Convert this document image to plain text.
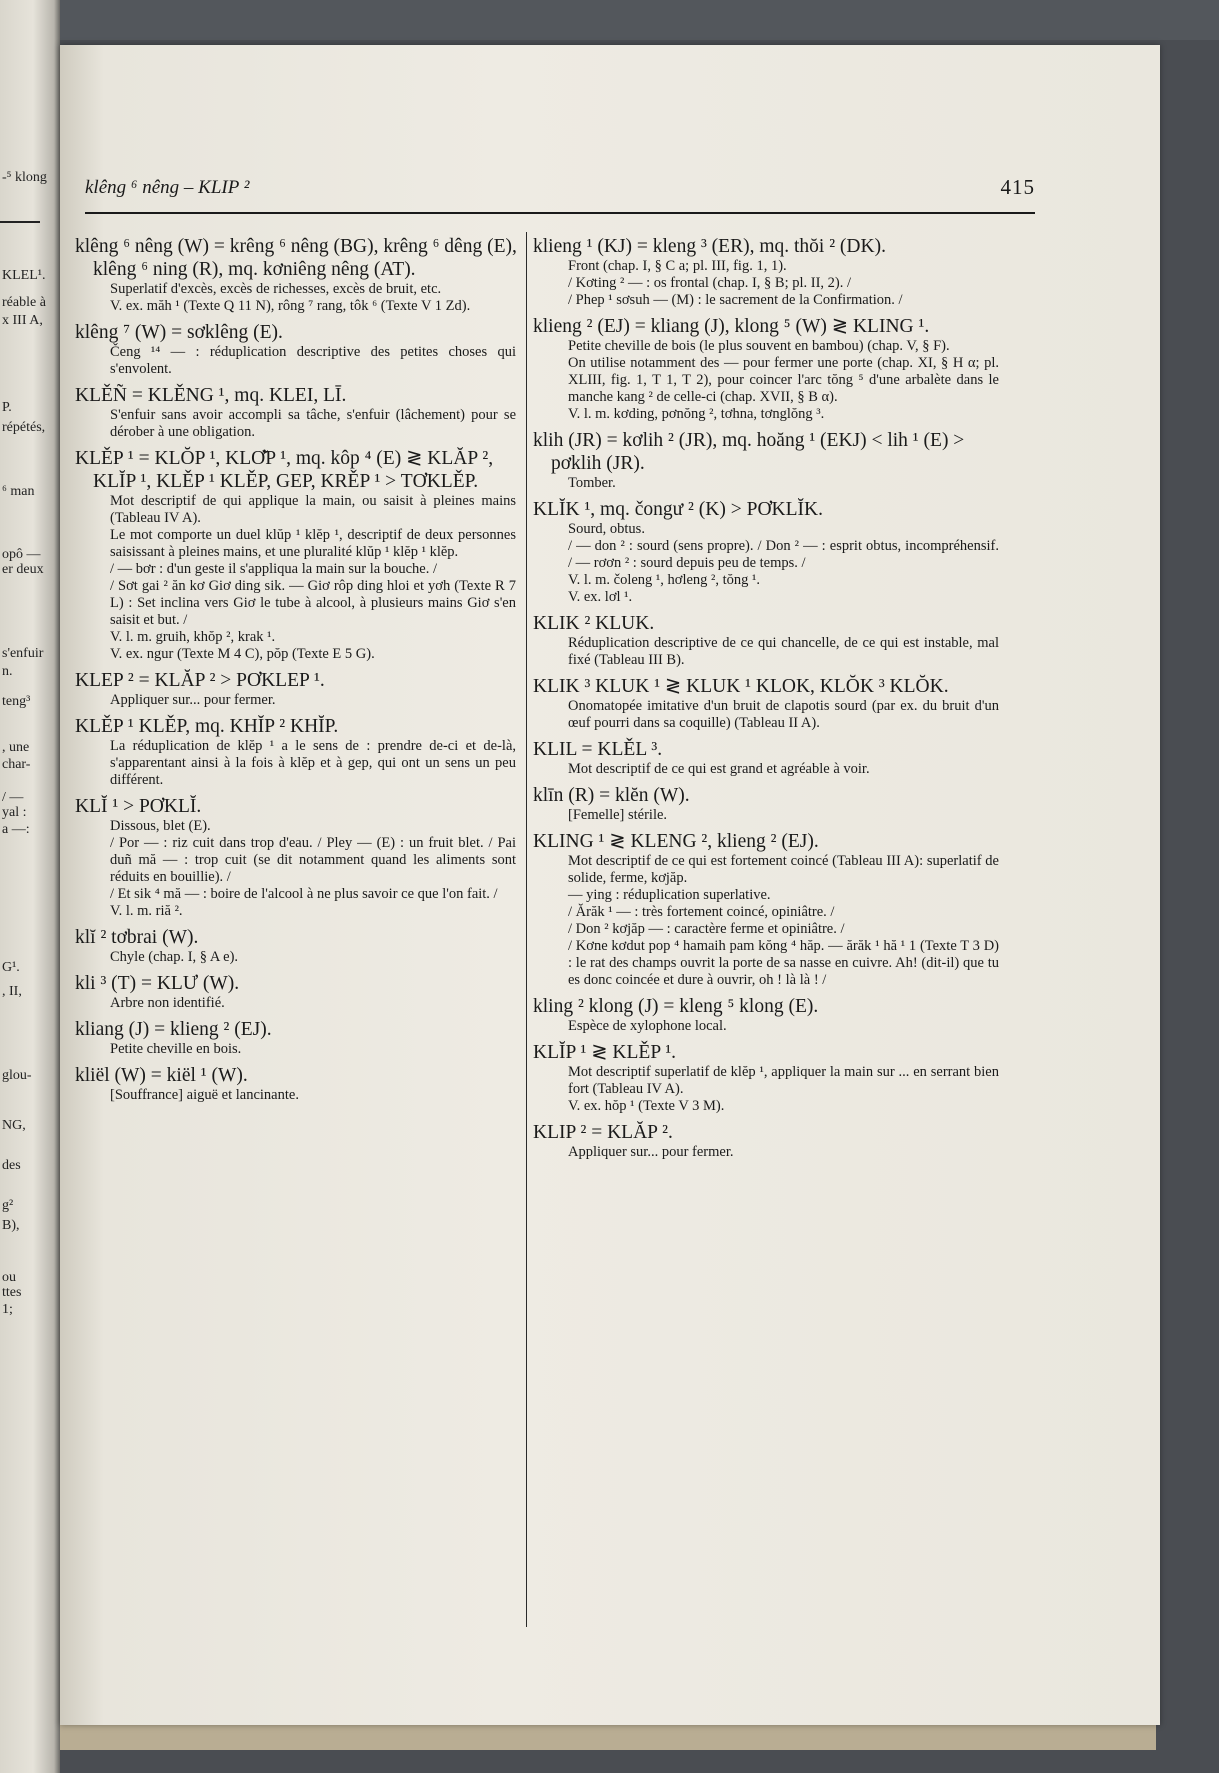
‑⁵ klong
KLEL¹.
réable à
x III A,
P.
répétés,
⁶ man
opô —
er deux
s'enfuir
n.
teng³
, une
char-
/ —
yal :
a —:
G¹.
, II,
glou-
NG,
des
g²
B),
ou
ttes
1;
klêng ⁶ nêng – KLIP ²	415
klêng ⁶ nêng (W) = krêng ⁶ nêng (BG), krêng ⁶ dêng (E), klêng ⁶ ning (R), mq. kơniêng nêng (AT).
Superlatif d'excès, excès de richesses, excès de bruit, etc.
V. ex. măh ¹ (Texte Q 11 N), rông ⁷ rang, tôk ⁶ (Texte V 1 Zd).
klêng ⁷ (W) = sơklêng (E).
Čeng ¹⁴ — : réduplication descriptive des petites choses qui s'envolent.
KLĚÑ = KLĚNG ¹, mq. KLEI, LĪ.
S'enfuir sans avoir accompli sa tâche, s'enfuir (lâchement) pour se dérober à une obligation.
KLĚP ¹ = KLŎP ¹, KLƠ̆P ¹, mq. kôp ⁴ (E) ≷ KLĂP ², KLĬP ¹, KLĚP ¹ KLĚP, GEP, KRĚP ¹ > TƠKLĚP.
Mot descriptif de qui applique la main, ou saisit à pleines mains (Tableau IV A).
Le mot comporte un duel klŭp ¹ klĕp ¹, descriptif de deux personnes saisissant à pleines mains, et une pluralité klŭp ¹ klĕp ¹ klĕp.
/ — bơr : d'un geste il s'appliqua la main sur la bouche. /
/ Sơt gai ² ăn kơ Giơ ding sik. — Giơ rôp ding hloi et yơh (Texte R 7 L) : Set inclina vers Giơ le tube à alcool, à plusieurs mains Giơ s'en saisit et but. /
V. l. m. gruih, khŏp ², krak ¹.
V. ex. ngur (Texte M 4 C), pŏp (Texte E 5 G).
KLEP ² = KLĂP ² > PƠKLEP ¹.
Appliquer sur... pour fermer.
KLĚP ¹ KLĚP, mq. KHĬP ² KHĬP.
La réduplication de klĕp ¹ a le sens de : prendre de-ci et de-là, s'apparentant ainsi à la fois à klĕp et à gep, qui ont un sens un peu différent.
KLĬ ¹ > PƠKLĬ.
Dissous, blet (E).
/ Por — : riz cuit dans trop d'eau. / Pley — (E) : un fruit blet. / Pai duñ mă — : trop cuit (se dit notamment quand les aliments sont réduits en bouillie). /
/ Et sik ⁴ mă — : boire de l'alcool à ne plus savoir ce que l'on fait. /
V. l. m. riă ².
klĭ ² tơbrai (W).
Chyle (chap. I, § A e).
kli ³ (T) = KLƯ (W).
Arbre non identifié.
kliang (J) = klieng ² (EJ).
Petite cheville en bois.
kliël (W) = kiël ¹ (W).
[Souffrance] aiguë et lancinante.
klieng ¹ (KJ) = kleng ³ (ER), mq. thŏi ² (DK).
Front (chap. I, § C a; pl. III, fig. 1, 1).
/ Kơting ² — : os frontal (chap. I, § B; pl. II, 2). /
/ Phep ¹ sơsuh — (M) : le sacrement de la Confirmation. /
klieng ² (EJ) = kliang (J), klong ⁵ (W) ≷ KLING ¹.
Petite cheville de bois (le plus souvent en bambou) (chap. V, § F).
On utilise notamment des — pour fermer une porte (chap. XI, § H α; pl. XLIII, fig. 1, T 1, T 2), pour coincer l'arc tŏng ⁵ d'une arbalète dans le manche kang ² de celle-ci (chap. XVII, § B α).
V. l. m. kơding, pơnŏng ², tơhna, tơnglŏng ³.
klih (JR) = kơlih ² (JR), mq. hoăng ¹ (EKJ) < lih ¹ (E) > pơklih (JR).
Tomber.
KLĬK ¹, mq. čongư ² (K) > PƠKLĬK.
Sourd, obtus.
/ — don ² : sourd (sens propre). / Don ² — : esprit obtus, incompréhensif. / — rơơn ² : sourd depuis peu de temps. /
V. l. m. čoleng ¹, hơleng ², tŏng ¹.
V. ex. lơl ¹.
KLIK ² KLUK.
Réduplication descriptive de ce qui chancelle, de ce qui est instable, mal fixé (Tableau III B).
KLIK ³ KLUK ¹ ≷ KLUK ¹ KLOK, KLŎK ³ KLŎK.
Onomatopée imitative d'un bruit de clapotis sourd (par ex. du bruit d'un œuf pourri dans sa coquille) (Tableau II A).
KLIL = KLĚL ³.
Mot descriptif de ce qui est grand et agréable à voir.
klīn (R) = klĕn (W).
[Femelle] stérile.
KLING ¹ ≷ KLENG ², klieng ² (EJ).
Mot descriptif de ce qui est fortement coincé (Tableau III A): superlatif de solide, ferme, kơjăp.
— ying : réduplication superlative.
/ Ărăk ¹ — : très fortement coincé, opiniâtre. /
/ Don ² kơjăp — : caractère ferme et opiniâtre. /
/ Kơne kơdut pop ⁴ hamaih pam kŏng ⁴ hăp. — ărăk ¹ hă ¹ 1 (Texte T 3 D) : le rat des champs ouvrit la porte de sa nasse en cuivre. Ah! (dit-il) que tu es donc coincée et dure à ouvrir, oh ! là là ! /
kling ² klong (J) = kleng ⁵ klong (E).
Espèce de xylophone local.
KLĬP ¹ ≷ KLĚP ¹.
Mot descriptif superlatif de klĕp ¹, appliquer la main sur ... en serrant bien fort (Tableau IV A).
V. ex. hŏp ¹ (Texte V 3 M).
KLIP ² = KLĂP ².
Appliquer sur... pour fermer.
